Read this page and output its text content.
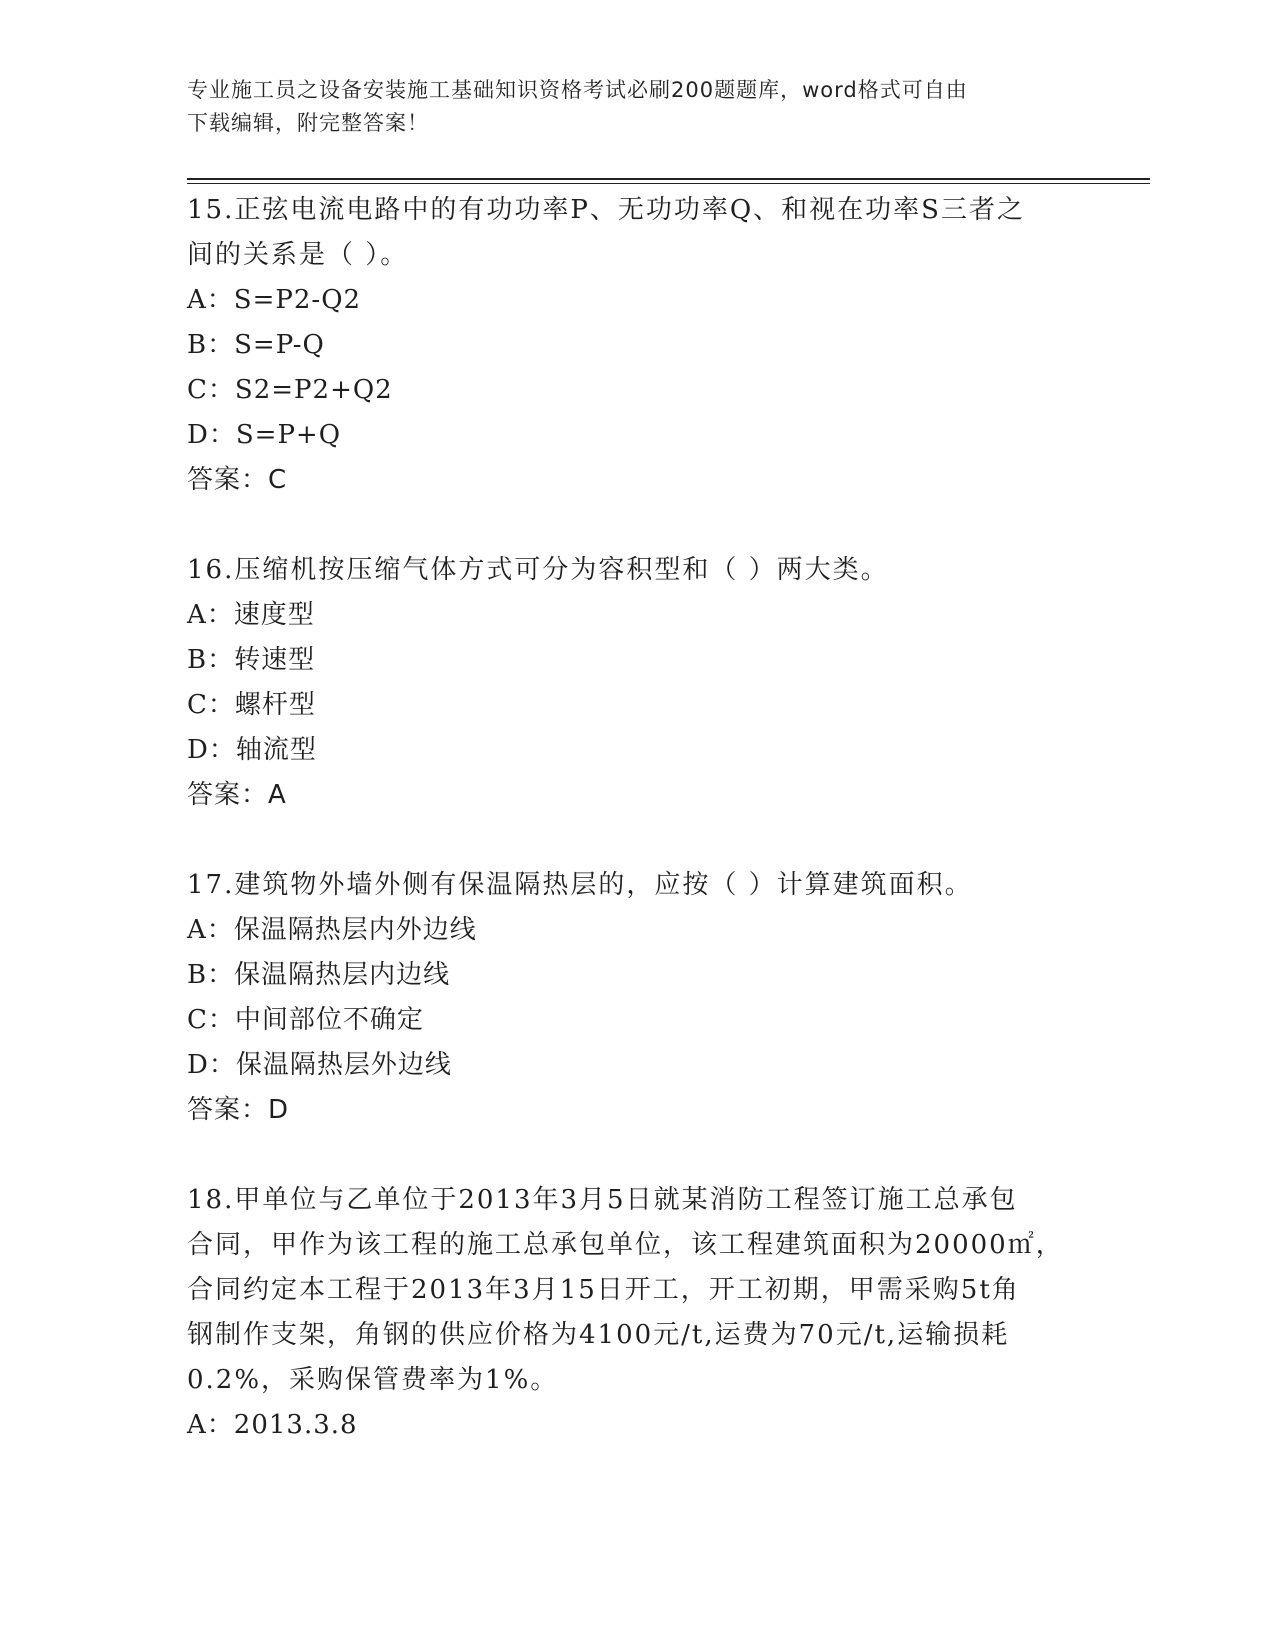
专业施工员之设备安装施工基础知识资格考试必刷200题题库，word格式可自由
下载编辑，附完整答案！
15.正弦电流电路中的有功功率P、无功功率Q、和视在功率S三者之
间的关系是（ ）。
A：S=P2-Q2
B：S=P-Q
C：S2=P2+Q2
D：S=P+Q
答案：C
16.压缩机按压缩气体方式可分为容积型和（ ）两大类。
A：速度型
B：转速型
C：螺杆型
D：轴流型
答案：A
17.建筑物外墙外侧有保温隔热层的，应按（ ）计算建筑面积。
A：保温隔热层内外边线
B：保温隔热层内边线
C：中间部位不确定
D：保温隔热层外边线
答案：D
18.甲单位与乙单位于2013年3月5日就某消防工程签订施工总承包
合同，甲作为该工程的施工总承包单位，该工程建筑面积为20000㎡，
合同约定本工程于2013年3月15日开工，开工初期，甲需采购5t角
钢制作支架，角钢的供应价格为4100元/t,运费为70元/t,运输损耗
0.2%，采购保管费率为1%。
A：2013.3.8
